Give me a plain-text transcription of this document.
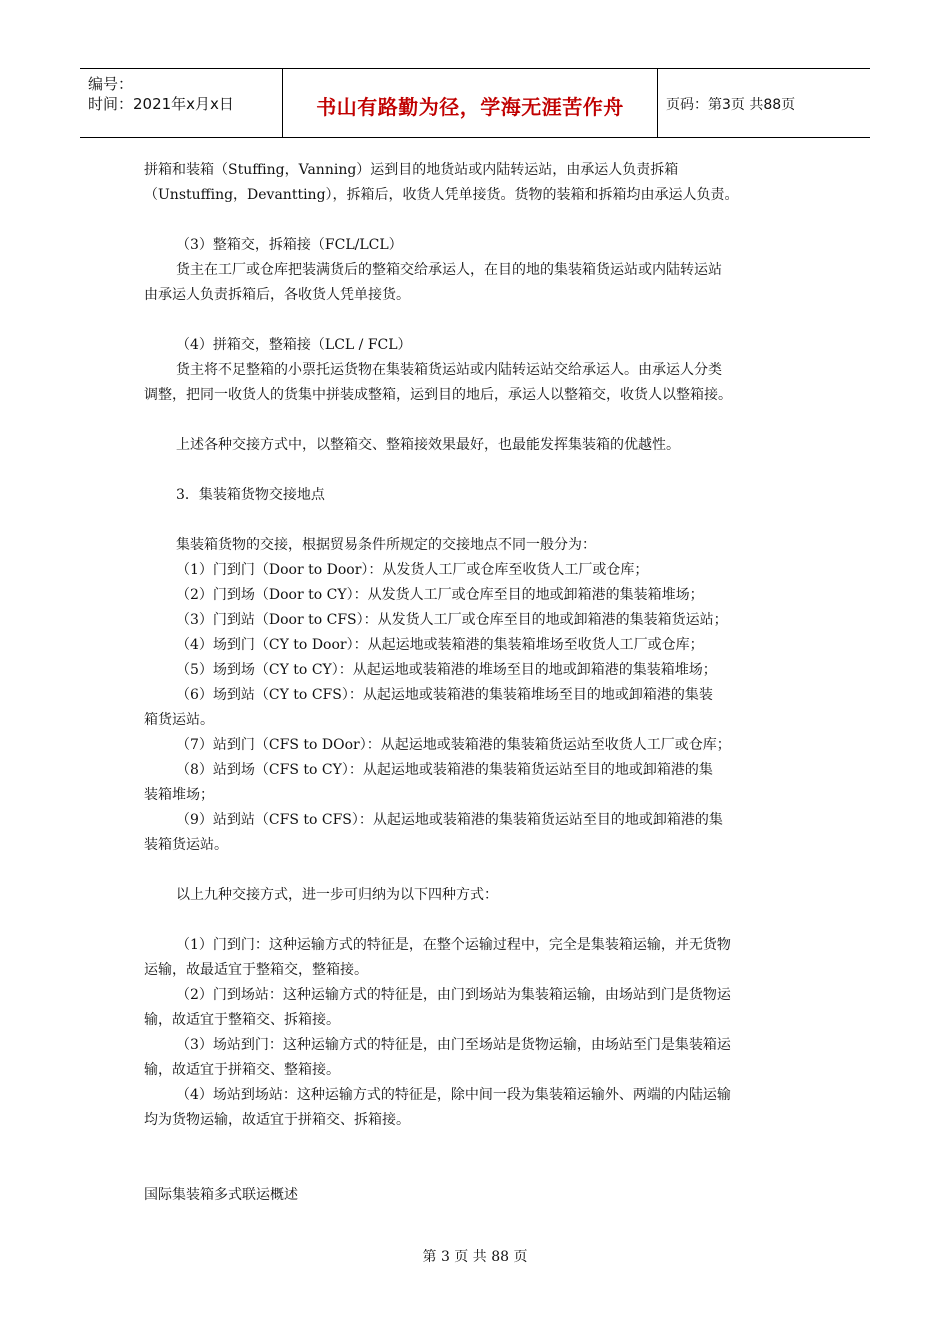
编号：
时间：2021年x月x日	书山有路勤为径，学海无涯苦作舟	页码：第3页 共88页
拼箱和装箱（Stuffing，Vanning）运到目的地货站或内陆转运站，由承运人负责拆箱
（Unstuffing，Devantting），拆箱后，收货人凭单接货。货物的装箱和拆箱均由承运人负责。
（3）整箱交，拆箱接（FCL/LCL）
货主在工厂或仓库把装满货后的整箱交给承运人，在目的地的集装箱货运站或内陆转运站
由承运人负责拆箱后，各收货人凭单接货。
（4）拼箱交，整箱接（LCL / FCL）
货主将不足整箱的小票托运货物在集装箱货运站或内陆转运站交给承运人。由承运人分类
调整，把同一收货人的货集中拼装成整箱，运到目的地后，承运人以整箱交，收货人以整箱接。
上述各种交接方式中，以整箱交、整箱接效果最好，也最能发挥集装箱的优越性。
3．集装箱货物交接地点
集装箱货物的交接，根据贸易条件所规定的交接地点不同一般分为：
（1）门到门（Door to Door）：从发货人工厂或仓库至收货人工厂或仓库；
（2）门到场（Door to CY）：从发货人工厂或仓库至目的地或卸箱港的集装箱堆场；
（3）门到站（Door to CFS）：从发货人工厂或仓库至目的地或卸箱港的集装箱货运站；
（4）场到门（CY to Door）：从起运地或装箱港的集装箱堆场至收货人工厂或仓库；
（5）场到场（CY to CY）：从起运地或装箱港的堆场至目的地或卸箱港的集装箱堆场；
（6）场到站（CY to CFS）：从起运地或装箱港的集装箱堆场至目的地或卸箱港的集装
箱货运站。
（7）站到门（CFS to DOor）：从起运地或装箱港的集装箱货运站至收货人工厂或仓库；
（8）站到场（CFS to CY）：从起运地或装箱港的集装箱货运站至目的地或卸箱港的集
装箱堆场；
（9）站到站（CFS to CFS）：从起运地或装箱港的集装箱货运站至目的地或卸箱港的集
装箱货运站。
以上九种交接方式，进一步可归纳为以下四种方式：
（1）门到门：这种运输方式的特征是，在整个运输过程中，完全是集装箱运输，并无货物
运输，故最适宜于整箱交，整箱接。
（2）门到场站：这种运输方式的特征是，由门到场站为集装箱运输，由场站到门是货物运
输，故适宜于整箱交、拆箱接。
（3）场站到门：这种运输方式的特征是，由门至场站是货物运输，由场站至门是集装箱运
输，故适宜于拼箱交、整箱接。
（4）场站到场站：这种运输方式的特征是，除中间一段为集装箱运输外、两端的内陆运输
均为货物运输，故适宜于拼箱交、拆箱接。
国际集装箱多式联运概述
第 3 页 共 88 页
